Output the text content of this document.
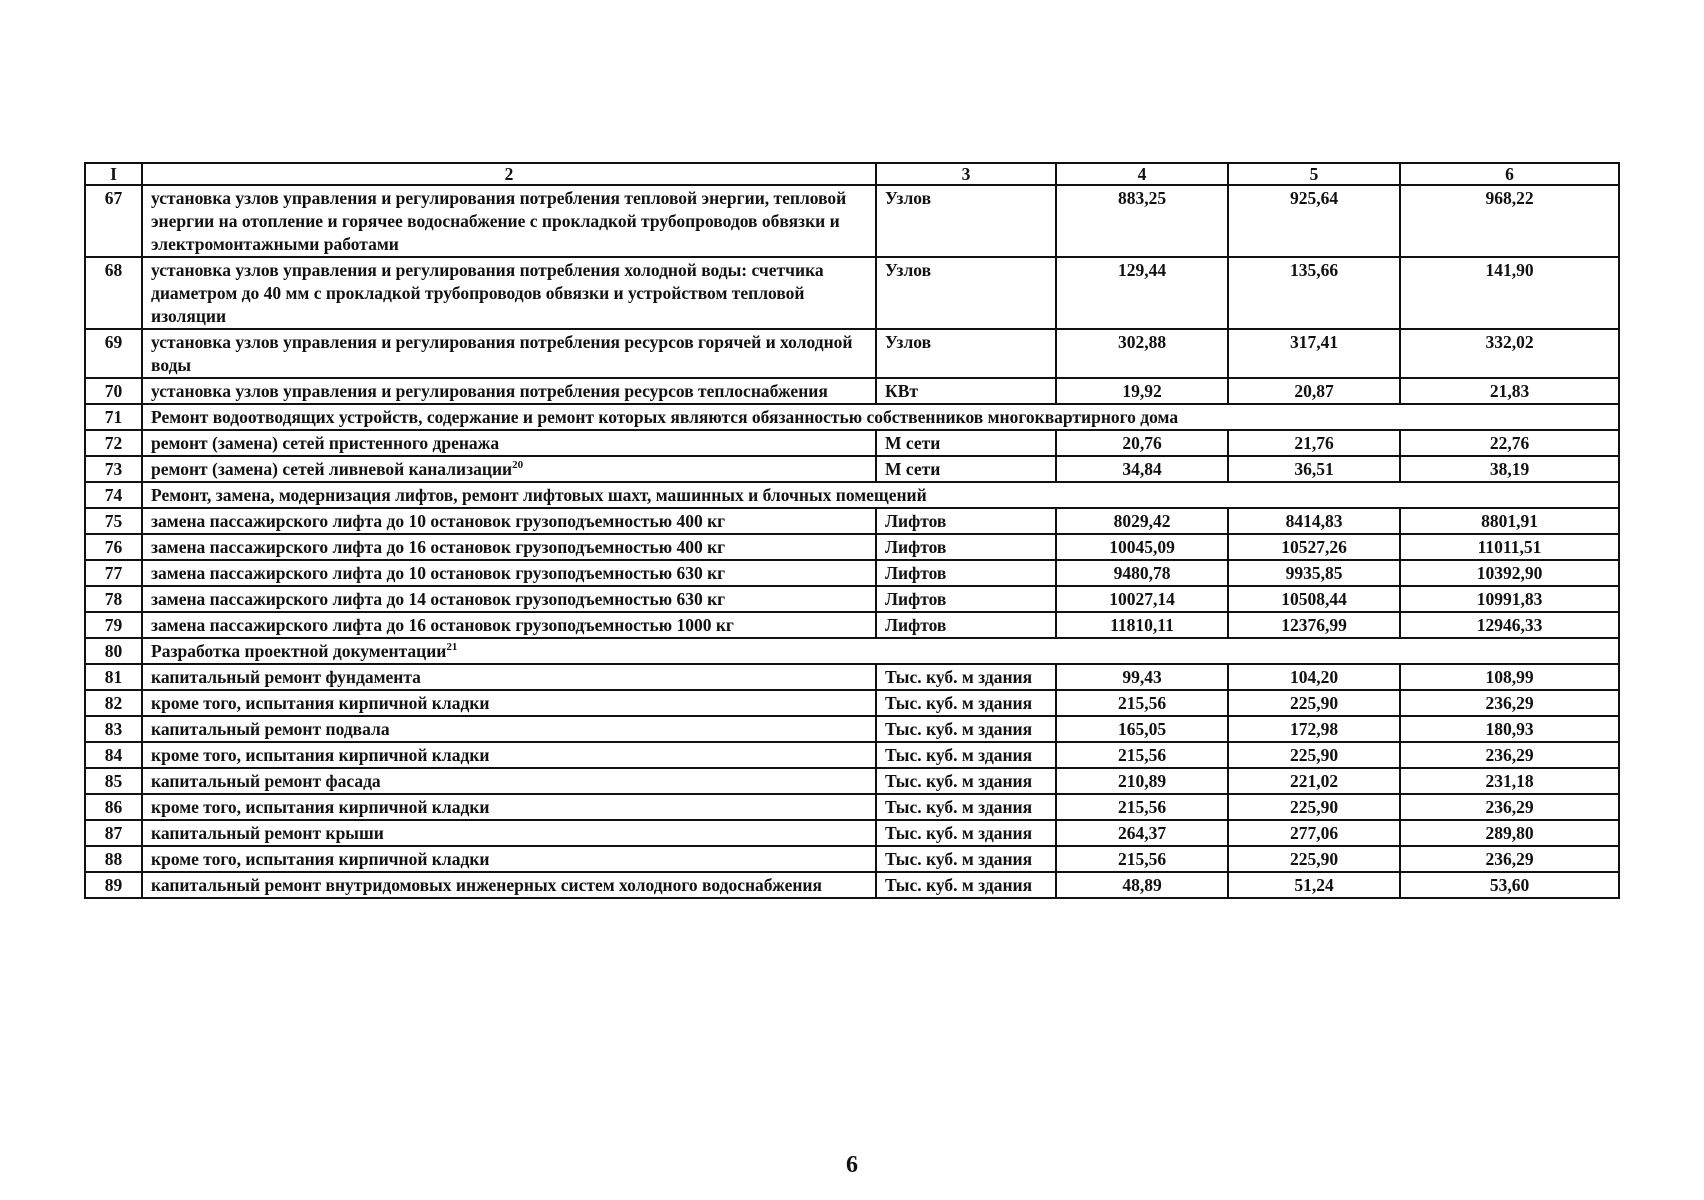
I	2	3	4	5	6
67	установка узлов управления и регулирования потребления тепловой энергии, тепловой энергии на отопление и горячее водоснабжение с прокладкой трубопроводов обвязки и электромонтажными работами	Узлов	883,25	925,64	968,22
68	установка узлов управления и регулирования потребления холодной воды: счетчика диаметром до 40 мм с прокладкой трубопроводов обвязки и устройством тепловой изоляции	Узлов	129,44	135,66	141,90
69	установка узлов управления и регулирования потребления ресурсов горячей и холодной воды	Узлов	302,88	317,41	332,02
70	установка узлов управления и регулирования потребления ресурсов теплоснабжения	КВт	19,92	20,87	21,83
71	Ремонт водоотводящих устройств, содержание и ремонт которых являются обязанностью собственников многоквартирного дома				
72	ремонт (замена) сетей пристенного дренажа	М сети	20,76	21,76	22,76
73	ремонт (замена) сетей ливневой канализации$^{20}$	М сети	34,84	36,51	38,19
74	Ремонт, замена, модернизация лифтов, ремонт лифтовых шахт, машинных и блочных помещений				
75	замена пассажирского лифта до 10 остановок грузоподъемностью 400 кг	Лифтов	8029,42	8414,83	8801,91
76	замена пассажирского лифта до 16 остановок грузоподъемностью 400 кг	Лифтов	10045,09	10527,26	11011,51
77	замена пассажирского лифта до 10 остановок грузоподъемностью 630 кг	Лифтов	9480,78	9935,85	10392,90
78	замена пассажирского лифта до 14 остановок грузоподъемностью 630 кг	Лифтов	10027,14	10508,44	10991,83
79	замена пассажирского лифта до 16 остановок грузоподъемностью 1000 кг	Лифтов	11810,11	12376,99	12946,33
80	Разработка проектной документации$^{21}$
81	капитальный ремонт фундамента	Тыс. куб. м здания	99,43	104,20	108,99
82	кроме того, испытания кирпичной кладки	Тыс. куб. м здания	215,56	225,90	236,29
83	капитальный ремонт подвала	Тыс. куб. м здания	165,05	172,98	180,93
84	кроме того, испытания кирпичной кладки	Тыс. куб. м здания	215,56	225,90	236,29
85	капитальный ремонт фасада	Тыс. куб. м здания	210,89	221,02	231,18
86	кроме того, испытания кирпичной кладки	Тыс. куб. м здания	215,56	225,90	236,29
87	капитальный ремонт крыши	Тыс. куб. м здания	264,37	277,06	289,80
88	кроме того, испытания кирпичной кладки	Тыс. куб. м здания	215,56	225,90	236,29
89	капитальный ремонт внутридомовых инженерных систем холодного водоснабжения	Тыс. куб. м здания	48,89	51,24	53,60
6
